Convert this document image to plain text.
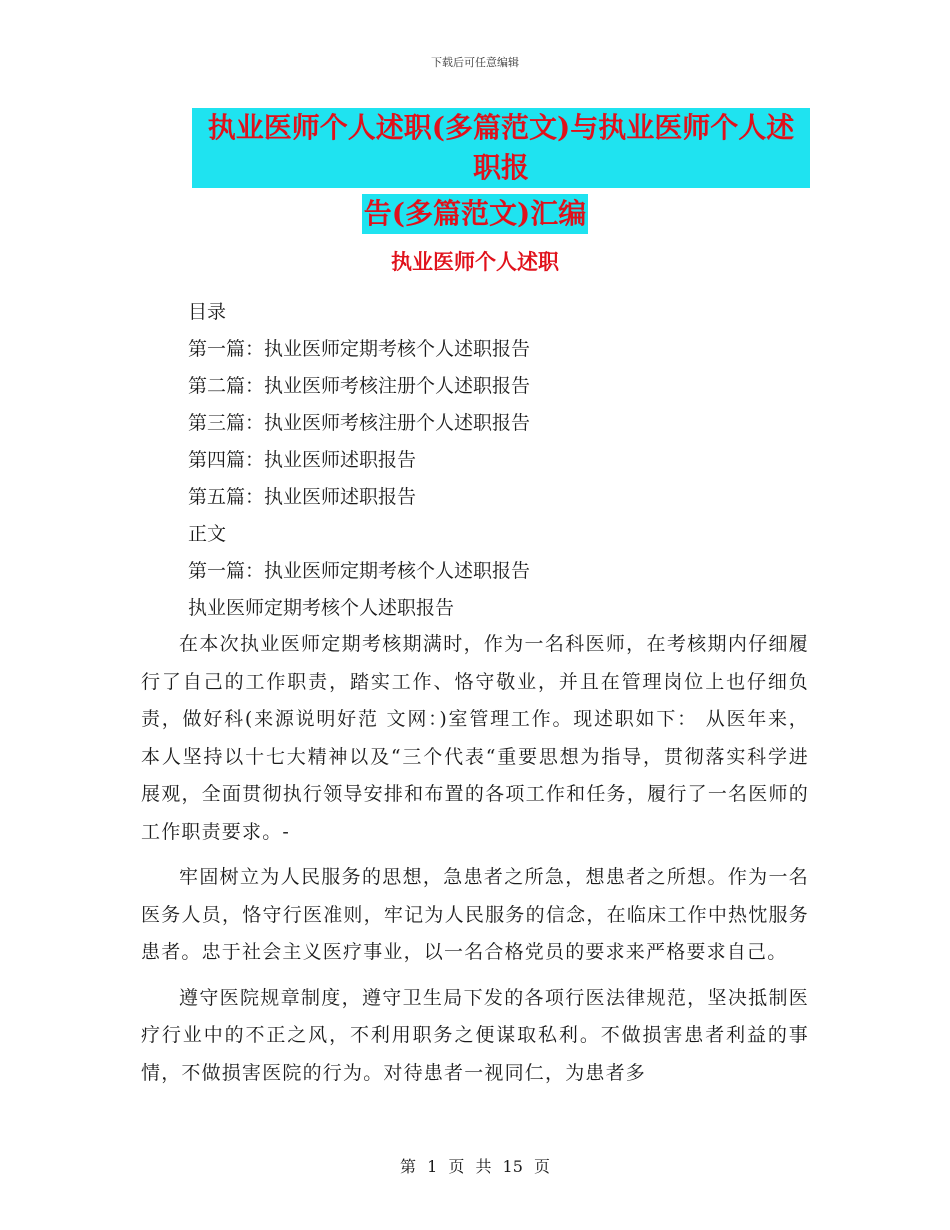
下载后可任意编辑
执业医师个人述职(多篇范文)与执业医师个人述职报
告(多篇范文)汇编
执业医师个人述职
目录
第一篇：执业医师定期考核个人述职报告
第二篇：执业医师考核注册个人述职报告
第三篇：执业医师考核注册个人述职报告
第四篇：执业医师述职报告
第五篇：执业医师述职报告
正文
第一篇：执业医师定期考核个人述职报告
执业医师定期考核个人述职报告

在本次执业医师定期考核期满时，作为一名科医师，在考核期内仔细履行了自己的工作职责，踏实工作、恪守敬业，并且在管理岗位上也仔细负责，做好科(来源说明好范 文网：)室管理工作。现述职如下： 从医年来，本人坚持以十七大精神以及“三个代表“重要思想为指导，贯彻落实科学进展观，全面贯彻执行领导安排和布置的各项工作和任务，履行了一名医师的工作职责要求。-

牢固树立为人民服务的思想，急患者之所急，想患者之所想。作为一名医务人员，恪守行医准则，牢记为人民服务的信念，在临床工作中热忱服务患者。忠于社会主义医疗事业，以一名合格党员的要求来严格要求自己。

遵守医院规章制度，遵守卫生局下发的各项行医法律规范，坚决抵制医疗行业中的不正之风，不利用职务之便谋取私利。不做损害患者利益的事情，不做损害医院的行为。对待患者一视同仁，为患者多

第 1 页 共 15 页
